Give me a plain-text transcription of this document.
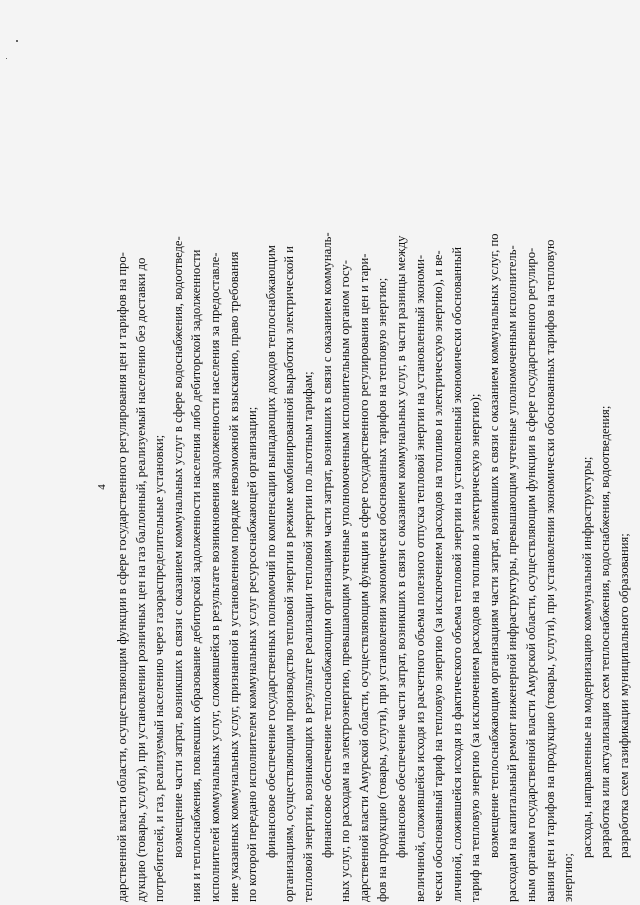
4 дарственной власти области, осуществляющим функции в сфере государственного регулирования цен и тарифов на про- дукцию (товары, услуги), при установлении розничных цен на газ баллонный, реализуемый населению без доставки до потребителей, и газ, реализуемый населению через газораспределительные установки; возмещение части затрат, возникших в связи с оказанием коммунальных услуг в сфере водоснабжения, водоотведе- ния и теплоснабжения, повлекших образование дебиторской задолженности населения либо дебиторской задолженности исполнителей коммунальных услуг, сложившейся в результате возникновения задолженности населения за предоставле- ние указанных коммунальных услуг, признанной в установленном порядке невозможной к взысканию, право требования по которой передано исполнителем коммунальных услуг ресурсоснабжающей организации; финансовое обеспечение государственных полномочий по компенсации выпадающих доходов теплоснабжающим организациям, осуществляющим производство тепловой энергии в режиме комбинированной выработки электрической и тепловой энергии, возникающих в результате реализации тепловой энергии по льготным тарифам; финансовое обеспечение теплоснабжающим организациям части затрат, возникших в связи с оказанием коммуналь- ных услуг, по расходам на электроэнергию, превышающим учтенные уполномоченным исполнительным органом госу- дарственной власти Амурской области, осуществляющим функции в сфере государственного регулирования цен и тари- фов на продукцию (товары, услуги), при установлении экономически обоснованных тарифов на тепловую энергию; финансовое обеспечение части затрат, возникших в связи с оказанием коммунальных услуг, в части разницы между величиной, сложившейся исходя из расчетного объема полезного отпуска тепловой энергии на установленный экономи- чески обоснованный тариф на тепловую энергию (за исключением расходов на топливо и электрическую энергию), и ве- личиной, сложившейся исходя из фактического объема тепловой энергии на установленный экономически обоснованный тариф на тепловую энергию (за исключением расходов на топливо и электрическую энергию); возмещение теплоснабжающим организациям части затрат, возникших в связи с оказанием коммунальных услуг, по расходам на капитальный ремонт инженерной инфраструктуры, превышающим учтенные уполномоченным исполнитель- ным органом государственной власти Амурской области, осуществляющим функции в сфере государственного регулиро- вания цен и тарифов на продукцию (товары, услуги), при установлении экономически обоснованных тарифов на тепловую энергию;
расходы, направленные на модернизацию коммунальной инфраструктуры; разработка или актуализация схем теплоснабжения, водоснабжения, водоотведения; разработка схем газификации муниципального образования;
